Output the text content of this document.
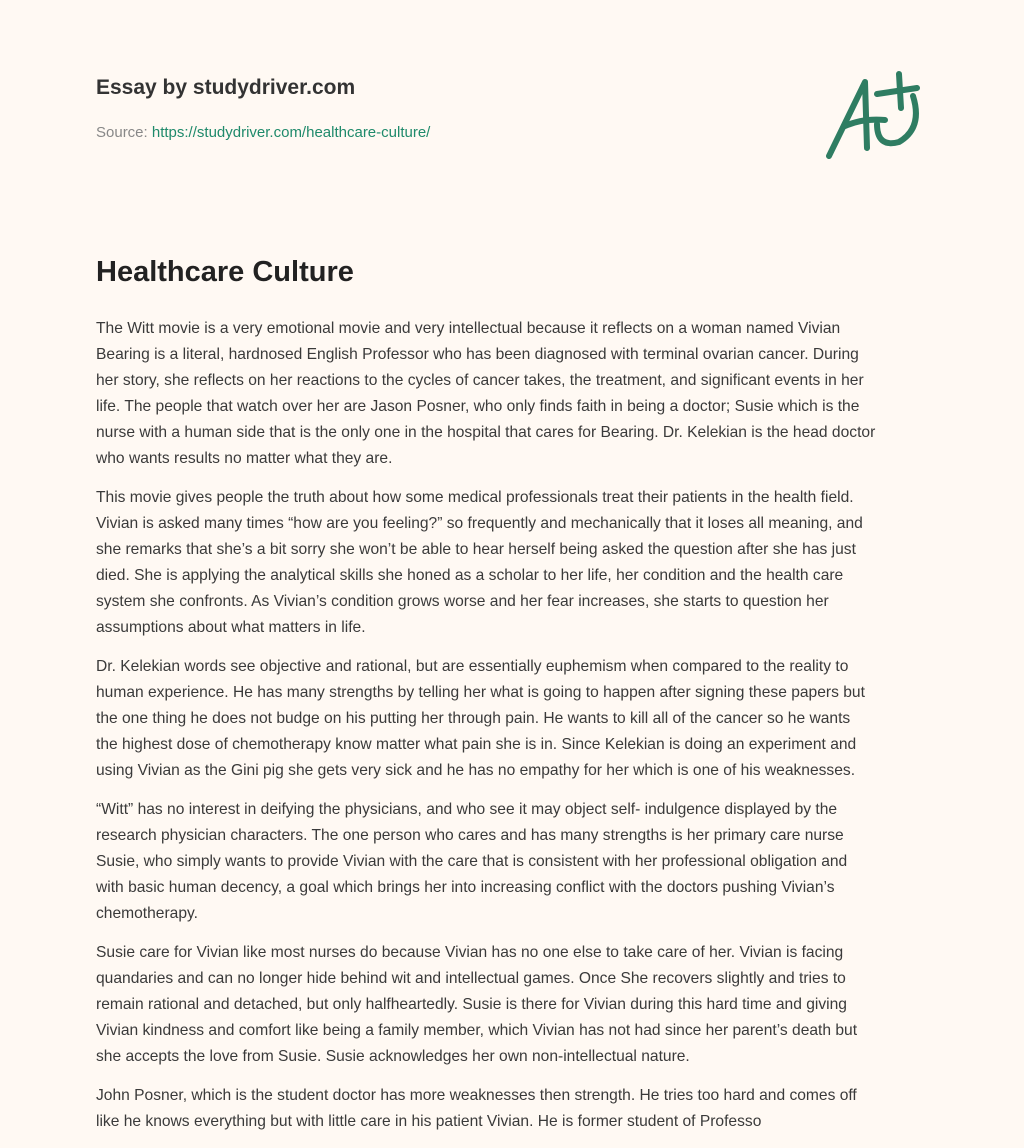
Essay by studydriver.com
Source: https://studydriver.com/healthcare-culture/
Healthcare Culture

The Witt movie is a very emotional movie and very intellectual because it reflects on a woman named Vivian
Bearing is a literal, hardnosed English Professor who has been diagnosed with terminal ovarian cancer. During
her story, she reflects on her reactions to the cycles of cancer takes, the treatment, and significant events in her
life. The people that watch over her are Jason Posner, who only finds faith in being a doctor; Susie which is the
nurse with a human side that is the only one in the hospital that cares for Bearing. Dr. Kelekian is the head doctor
who wants results no matter what they are.

This movie gives people the truth about how some medical professionals treat their patients in the health field.
Vivian is asked many times “how are you feeling?” so frequently and mechanically that it loses all meaning, and
she remarks that she’s a bit sorry she won’t be able to hear herself being asked the question after she has just
died. She is applying the analytical skills she honed as a scholar to her life, her condition and the health care
system she confronts. As Vivian’s condition grows worse and her fear increases, she starts to question her
assumptions about what matters in life.

Dr. Kelekian words see objective and rational, but are essentially euphemism when compared to the reality to
human experience. He has many strengths by telling her what is going to happen after signing these papers but
the one thing he does not budge on his putting her through pain. He wants to kill all of the cancer so he wants
the highest dose of chemotherapy know matter what pain she is in. Since Kelekian is doing an experiment and
using Vivian as the Gini pig she gets very sick and he has no empathy for her which is one of his weaknesses.

“Witt” has no interest in deifying the physicians, and who see it may object self- indulgence displayed by the
research physician characters. The one person who cares and has many strengths is her primary care nurse
Susie, who simply wants to provide Vivian with the care that is consistent with her professional obligation and
with basic human decency, a goal which brings her into increasing conflict with the doctors pushing Vivian’s
chemotherapy.

Susie care for Vivian like most nurses do because Vivian has no one else to take care of her. Vivian is facing
quandaries and can no longer hide behind wit and intellectual games. Once She recovers slightly and tries to
remain rational and detached, but only halfheartedly. Susie is there for Vivian during this hard time and giving
Vivian kindness and comfort like being a family member, which Vivian has not had since her parent’s death but
she accepts the love from Susie. Susie acknowledges her own non-intellectual nature.

John Posner, which is the student doctor has more weaknesses then strength. He tries too hard and comes off
like he knows everything but with little care in his patient Vivian. He is former student of Professo
